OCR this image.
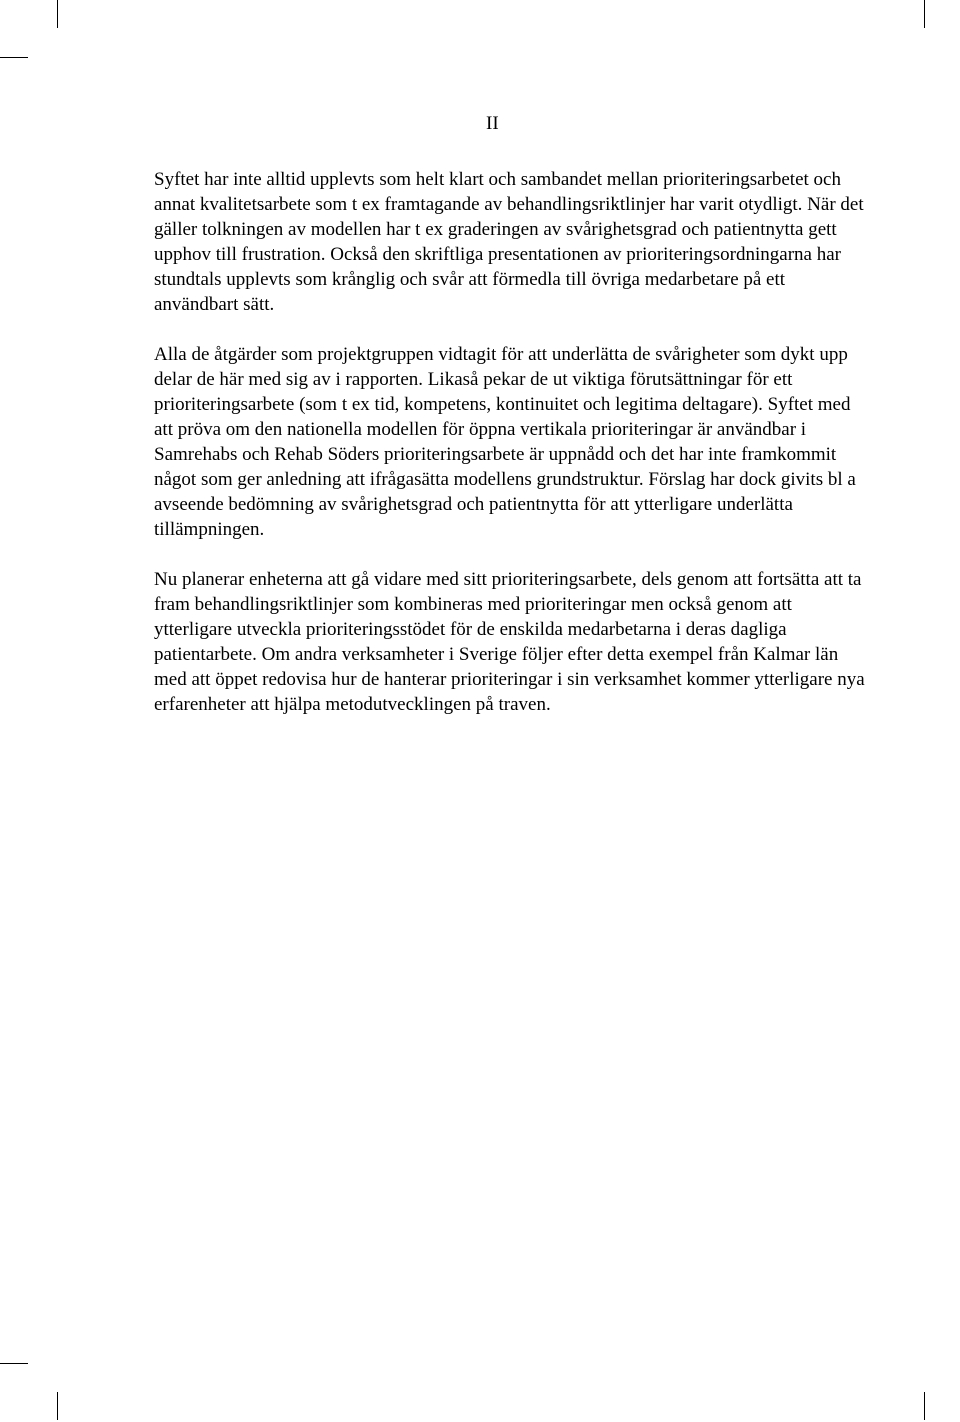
II

Syftet har inte alltid upplevts som helt klart och sambandet mellan prioriteringsarbetet och annat kvalitetsarbete som t ex framtagande av behandlingsriktlinjer har varit otydligt. När det gäller tolkningen av modellen har t ex graderingen av svårighetsgrad och patientnytta gett upphov till frustration. Också den skriftliga presentationen av prioriteringsordningarna har stundtals upplevts som krånglig och svår att förmedla till övriga medarbetare på ett användbart sätt.

Alla de åtgärder som projektgruppen vidtagit för att underlätta de svårigheter som dykt upp delar de här med sig av i rapporten. Likaså pekar de ut viktiga förutsättningar för ett prioriteringsarbete (som t ex tid, kompetens, kontinuitet och legitima deltagare). Syftet med att pröva om den nationella modellen för öppna vertikala prioriteringar är användbar i Samrehabs och Rehab Söders prioriteringsarbete är uppnådd och det har inte framkommit något som ger anledning att ifrågasätta modellens grundstruktur. Förslag har dock givits bl a avseende bedömning av svårighetsgrad och patientnytta för att ytterligare underlätta tillämpningen.

Nu planerar enheterna att gå vidare med sitt prioriteringsarbete, dels genom att fortsätta att ta fram behandlingsriktlinjer som kombineras med prioriteringar men också genom att ytterligare utveckla prioriteringsstödet för de enskilda medarbetarna i deras dagliga patientarbete. Om andra verksamheter i Sverige följer efter detta exempel från Kalmar län med att öppet redovisa hur de hanterar prioriteringar i sin verksamhet kommer ytterligare nya erfarenheter att hjälpa metodutvecklingen på traven.
